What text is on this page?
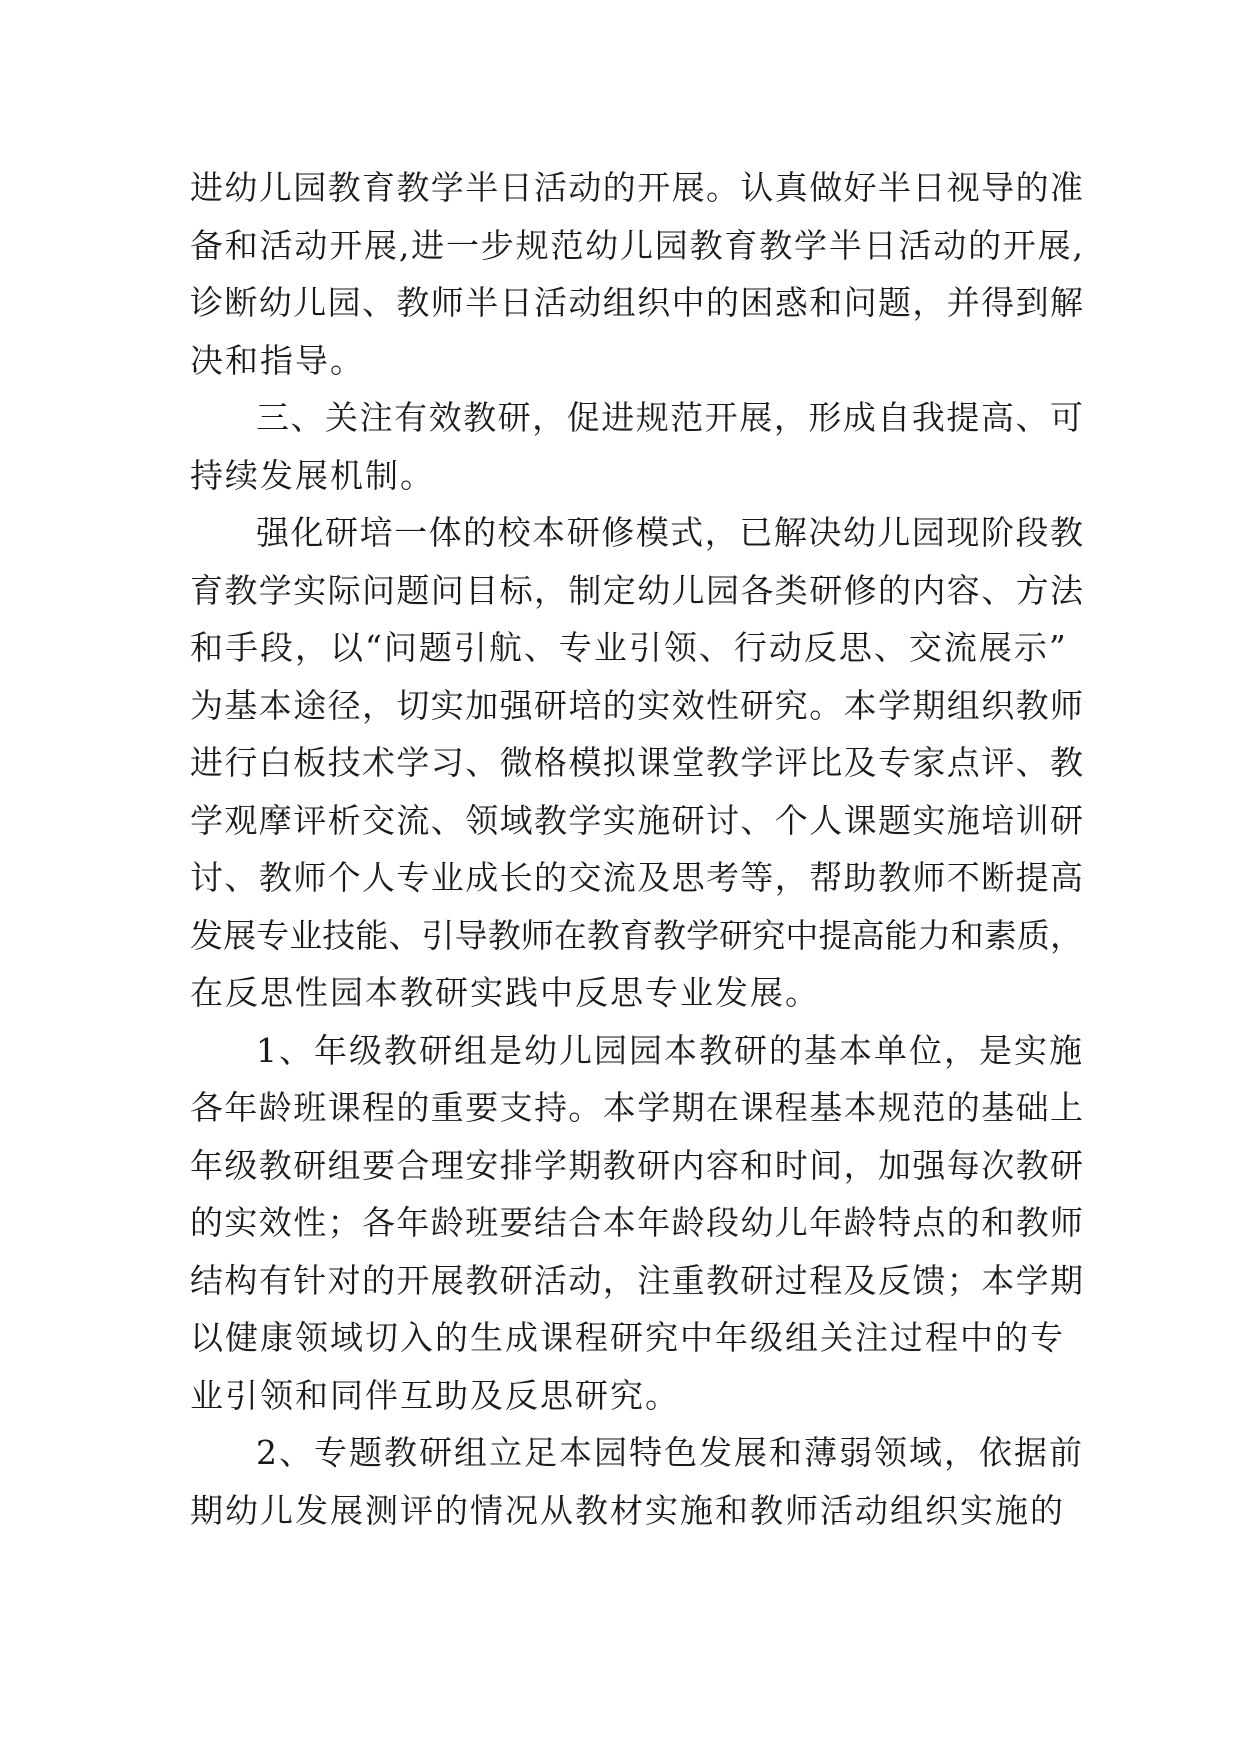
进幼儿园教育教学半日活动的开展。认真做好半日视导的准
备和活动开展,进一步规范幼儿园教育教学半日活动的开展,
诊断幼儿园、教师半日活动组织中的困惑和问题，并得到解
决和指导。
三、关注有效教研，促进规范开展，形成自我提高、可
持续发展机制。
强化研培一体的校本研修模式，已解决幼儿园现阶段教
育教学实际问题问目标，制定幼儿园各类研修的内容、方法
和手段，以“问题引航、专业引领、行动反思、交流展示”
为基本途径，切实加强研培的实效性研究。本学期组织教师
进行白板技术学习、微格模拟课堂教学评比及专家点评、教
学观摩评析交流、领域教学实施研讨、个人课题实施培训研
讨、教师个人专业成长的交流及思考等，帮助教师不断提高
发展专业技能、引导教师在教育教学研究中提高能力和素质，
在反思性园本教研实践中反思专业发展。
1、年级教研组是幼儿园园本教研的基本单位，是实施
各年龄班课程的重要支持。本学期在课程基本规范的基础上
年级教研组要合理安排学期教研内容和时间，加强每次教研
的实效性；各年龄班要结合本年龄段幼儿年龄特点的和教师
结构有针对的开展教研活动，注重教研过程及反馈；本学期
以健康领域切入的生成课程研究中年级组关注过程中的专
业引领和同伴互助及反思研究。
2、专题教研组立足本园特色发展和薄弱领域，依据前
期幼儿发展测评的情况从教材实施和教师活动组织实施的
